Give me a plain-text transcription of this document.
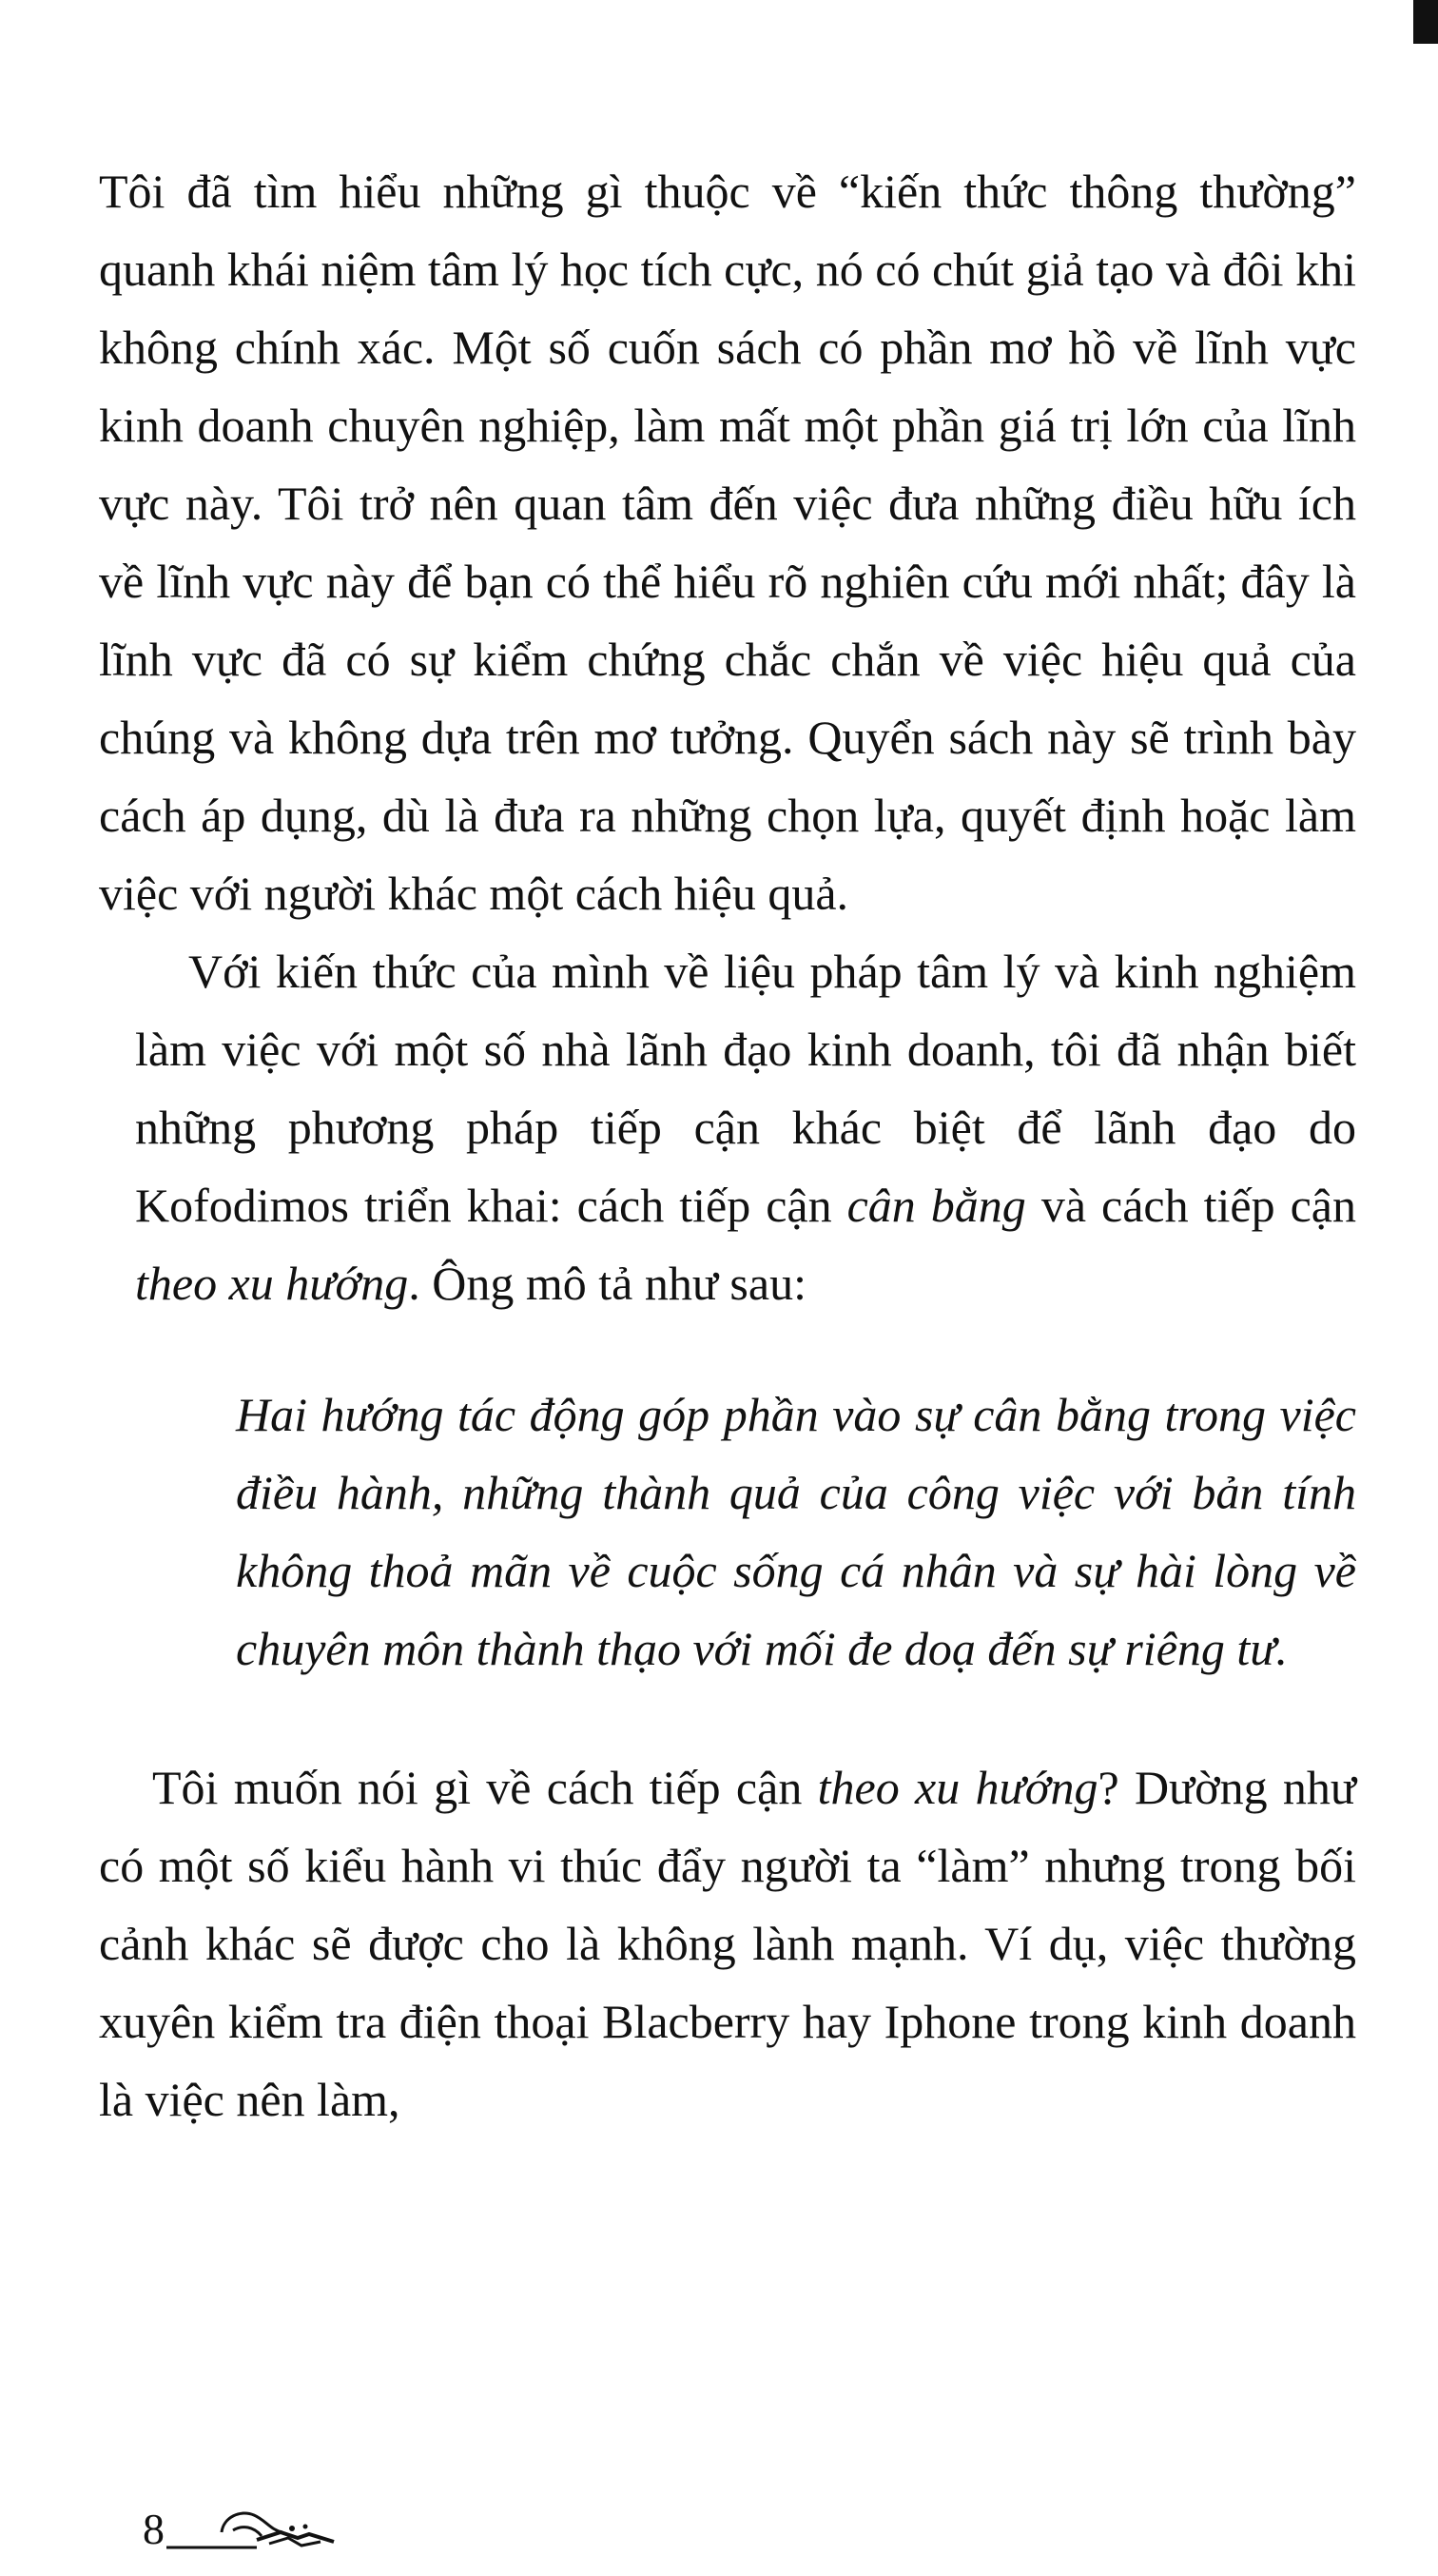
Tôi đã tìm hiểu những gì thuộc về “kiến thức thông thường” quanh khái niệm tâm lý học tích cực, nó có chút giả tạo và đôi khi không chính xác. Một số cuốn sách có phần mơ hồ về lĩnh vực kinh doanh chuyên nghiệp, làm mất một phần giá trị lớn của lĩnh vực này. Tôi trở nên quan tâm đến việc đưa những điều hữu ích về lĩnh vực này để bạn có thể hiểu rõ nghiên cứu mới nhất; đây là lĩnh vực đã có sự kiểm chứng chắc chắn về việc hiệu quả của chúng và không dựa trên mơ tưởng. Quyển sách này sẽ trình bày cách áp dụng, dù là đưa ra những chọn lựa, quyết định hoặc làm việc với người khác một cách hiệu quả.

Với kiến thức của mình về liệu pháp tâm lý và kinh nghiệm làm việc với một số nhà lãnh đạo kinh doanh, tôi đã nhận biết những phương pháp tiếp cận khác biệt để lãnh đạo do Kofodimos triển khai: cách tiếp cận cân bằng và cách tiếp cận theo xu hướng. Ông mô tả như sau:

Hai hướng tác động góp phần vào sự cân bằng trong việc điều hành, những thành quả của công việc với bản tính không thoả mãn về cuộc sống cá nhân và sự hài lòng về chuyên môn thành thạo với mối đe doạ đến sự riêng tư.

Tôi muốn nói gì về cách tiếp cận theo xu hướng? Dường như có một số kiểu hành vi thúc đẩy người ta “làm” nhưng trong bối cảnh khác sẽ được cho là không lành mạnh. Ví dụ, việc thường xuyên kiểm tra điện thoại Blacberry hay Iphone trong kinh doanh là việc nên làm,

8
